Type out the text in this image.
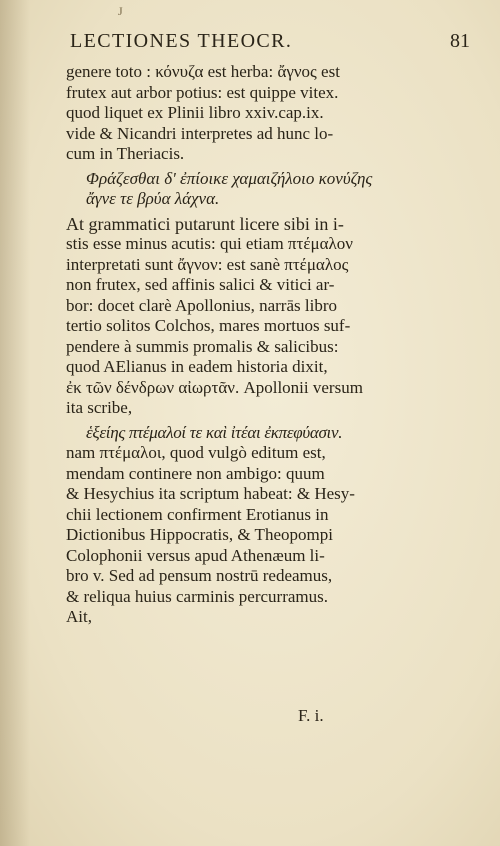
J
LECTIONES THEOCR.	81
genere toto : κόνυζα est herba: ἄγνος est
frutex aut arbor potius: est quippe vitex.
quod liquet ex Plinii libro xxiv.cap.ix.
vide & Nicandri interpretes ad hunc lo-
cum in Theriacis.
Φράζεσθαι δ' ἐπίοικε χαμαιζήλοιο κονύζης
ἄγνε τε βρύα λάχνα.
At grammatici putarunt licere sibi in i-
stis esse minus acutis: qui etiam πτέμαλον
interpretati sunt ἄγνον: est sanè πτέμαλος
non frutex, sed affinis salici & vitici ar-
bor: docet clarè Apollonius, narrās libro
tertio solitos Colchos, mares mortuos suf-
pendere à summis promalis & salicibus:
quod AElianus in eadem historia dixit,
ἐκ τῶν δένδρων αἰωρτᾶν. Apollonii versum
ita scribe,
ἑξείης πτέμαλοί τε καὶ ἰτέαι ἐκπεφύασιν.
nam πτέμαλοι, quod vulgò editum est,
mendam continere non ambigo: quum
& Hesychius ita scriptum habeat: & Hesy-
chii lectionem confirment Erotianus in
Dictionibus Hippocratis, & Theopompi
Colophonii versus apud Athenæum li-
bro v. Sed ad pensum nostrū redeamus,
& reliqua huius carminis percurramus.
Ait,
F. i.
